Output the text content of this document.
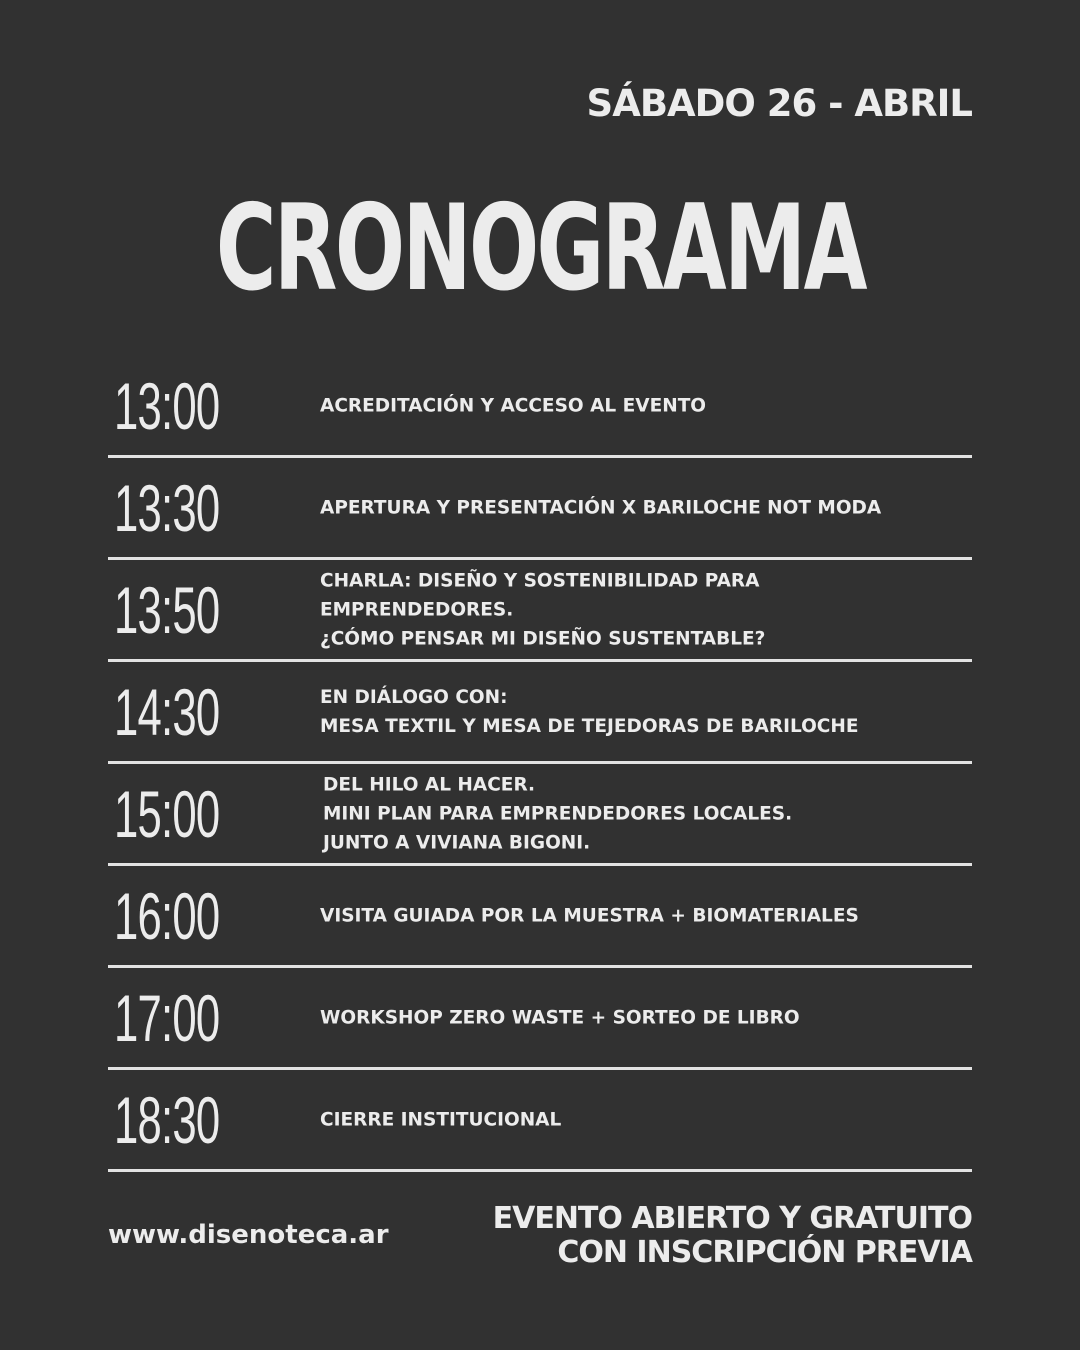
SÁBADO 26 - ABRIL
CRONOGRAMA
13:00	ACREDITACIÓN Y ACCESO AL EVENTO
13:30	APERTURA Y PRESENTACIÓN X BARILOCHE NOT MODA
13:50	CHARLA: DISEÑO Y SOSTENIBILIDAD PARA
EMPRENDEDORES.
¿CÓMO PENSAR MI DISEÑO SUSTENTABLE?
14:30	EN DIÁLOGO CON:
MESA TEXTIL Y MESA DE TEJEDORAS DE BARILOCHE
15:00	DEL HILO AL HACER.
MINI PLAN PARA EMPRENDEDORES LOCALES.
JUNTO A VIVIANA BIGONI.
16:00	VISITA GUIADA POR LA MUESTRA + BIOMATERIALES
17:00	WORKSHOP ZERO WASTE + SORTEO DE LIBRO
18:30	CIERRE INSTITUCIONAL
www.disenoteca.ar	EVENTO ABIERTO Y GRATUITO
CON INSCRIPCIÓN PREVIA
